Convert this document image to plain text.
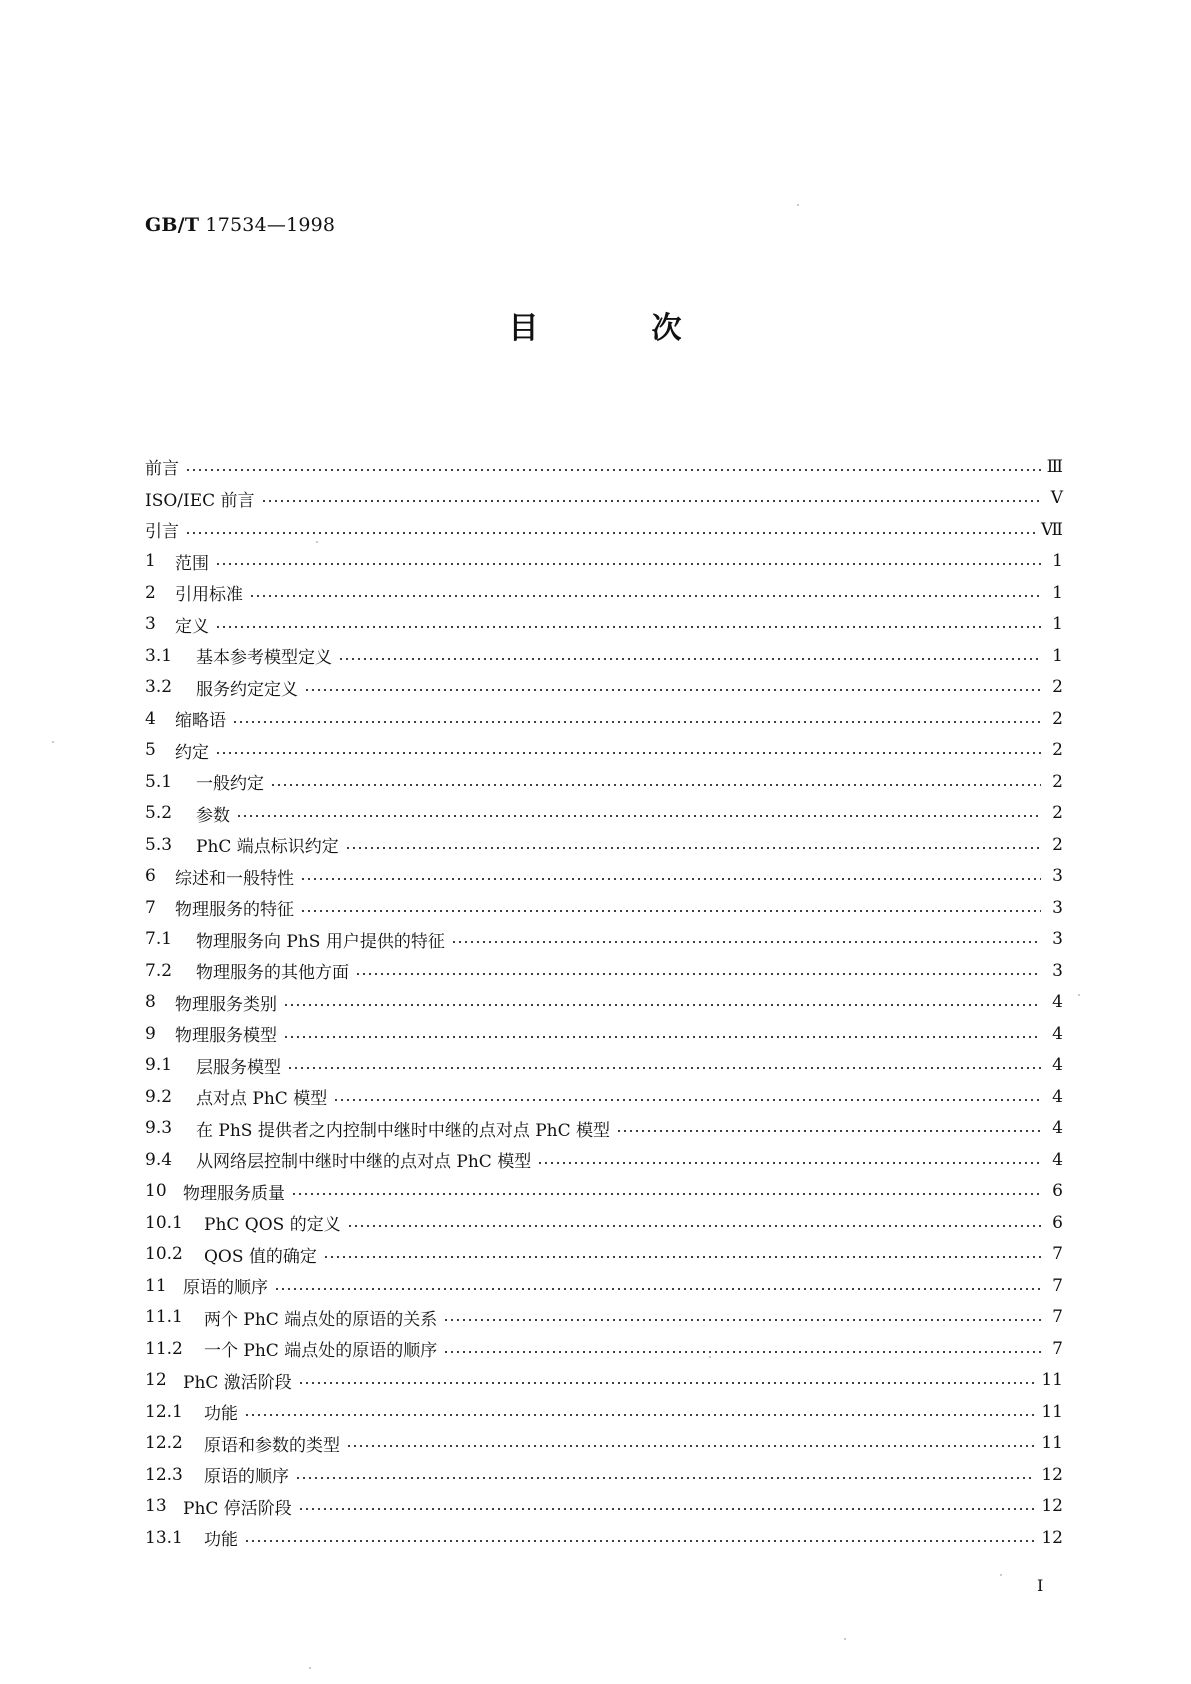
GB/T 17534—1998
目	次
前言	Ⅲ
ISO/IEC 前言	V
引言	Ⅶ
1	范围	1
2	引用标准	1
3	定义	1
3.1	基本参考模型定义	1
3.2	服务约定定义	2
4	缩略语	2
5	约定	2
5.1	一般约定	2
5.2	参数	2
5.3	PhC 端点标识约定	2
6	综述和一般特性	3
7	物理服务的特征	3
7.1	物理服务向 PhS 用户提供的特征	3
7.2	物理服务的其他方面	3
8	物理服务类别	4
9	物理服务模型	4
9.1	层服务模型	4
9.2	点对点 PhC 模型	4
9.3	在 PhS 提供者之内控制中继时中继的点对点 PhC 模型	4
9.4	从网络层控制中继时中继的点对点 PhC 模型	4
10 物理服务质量	6
10.1	PhC QOS 的定义	6
10.2	QOS 值的确定	7
11 原语的顺序	7
11.1	两个 PhC 端点处的原语的关系	7
11.2	一个 PhC 端点处的原语的顺序	7
12 PhC 激活阶段	11
12.1	功能	11
12.2	原语和参数的类型	11
12.3	原语的顺序	12
13 PhC 停活阶段	12
13.1	功能	12
I
